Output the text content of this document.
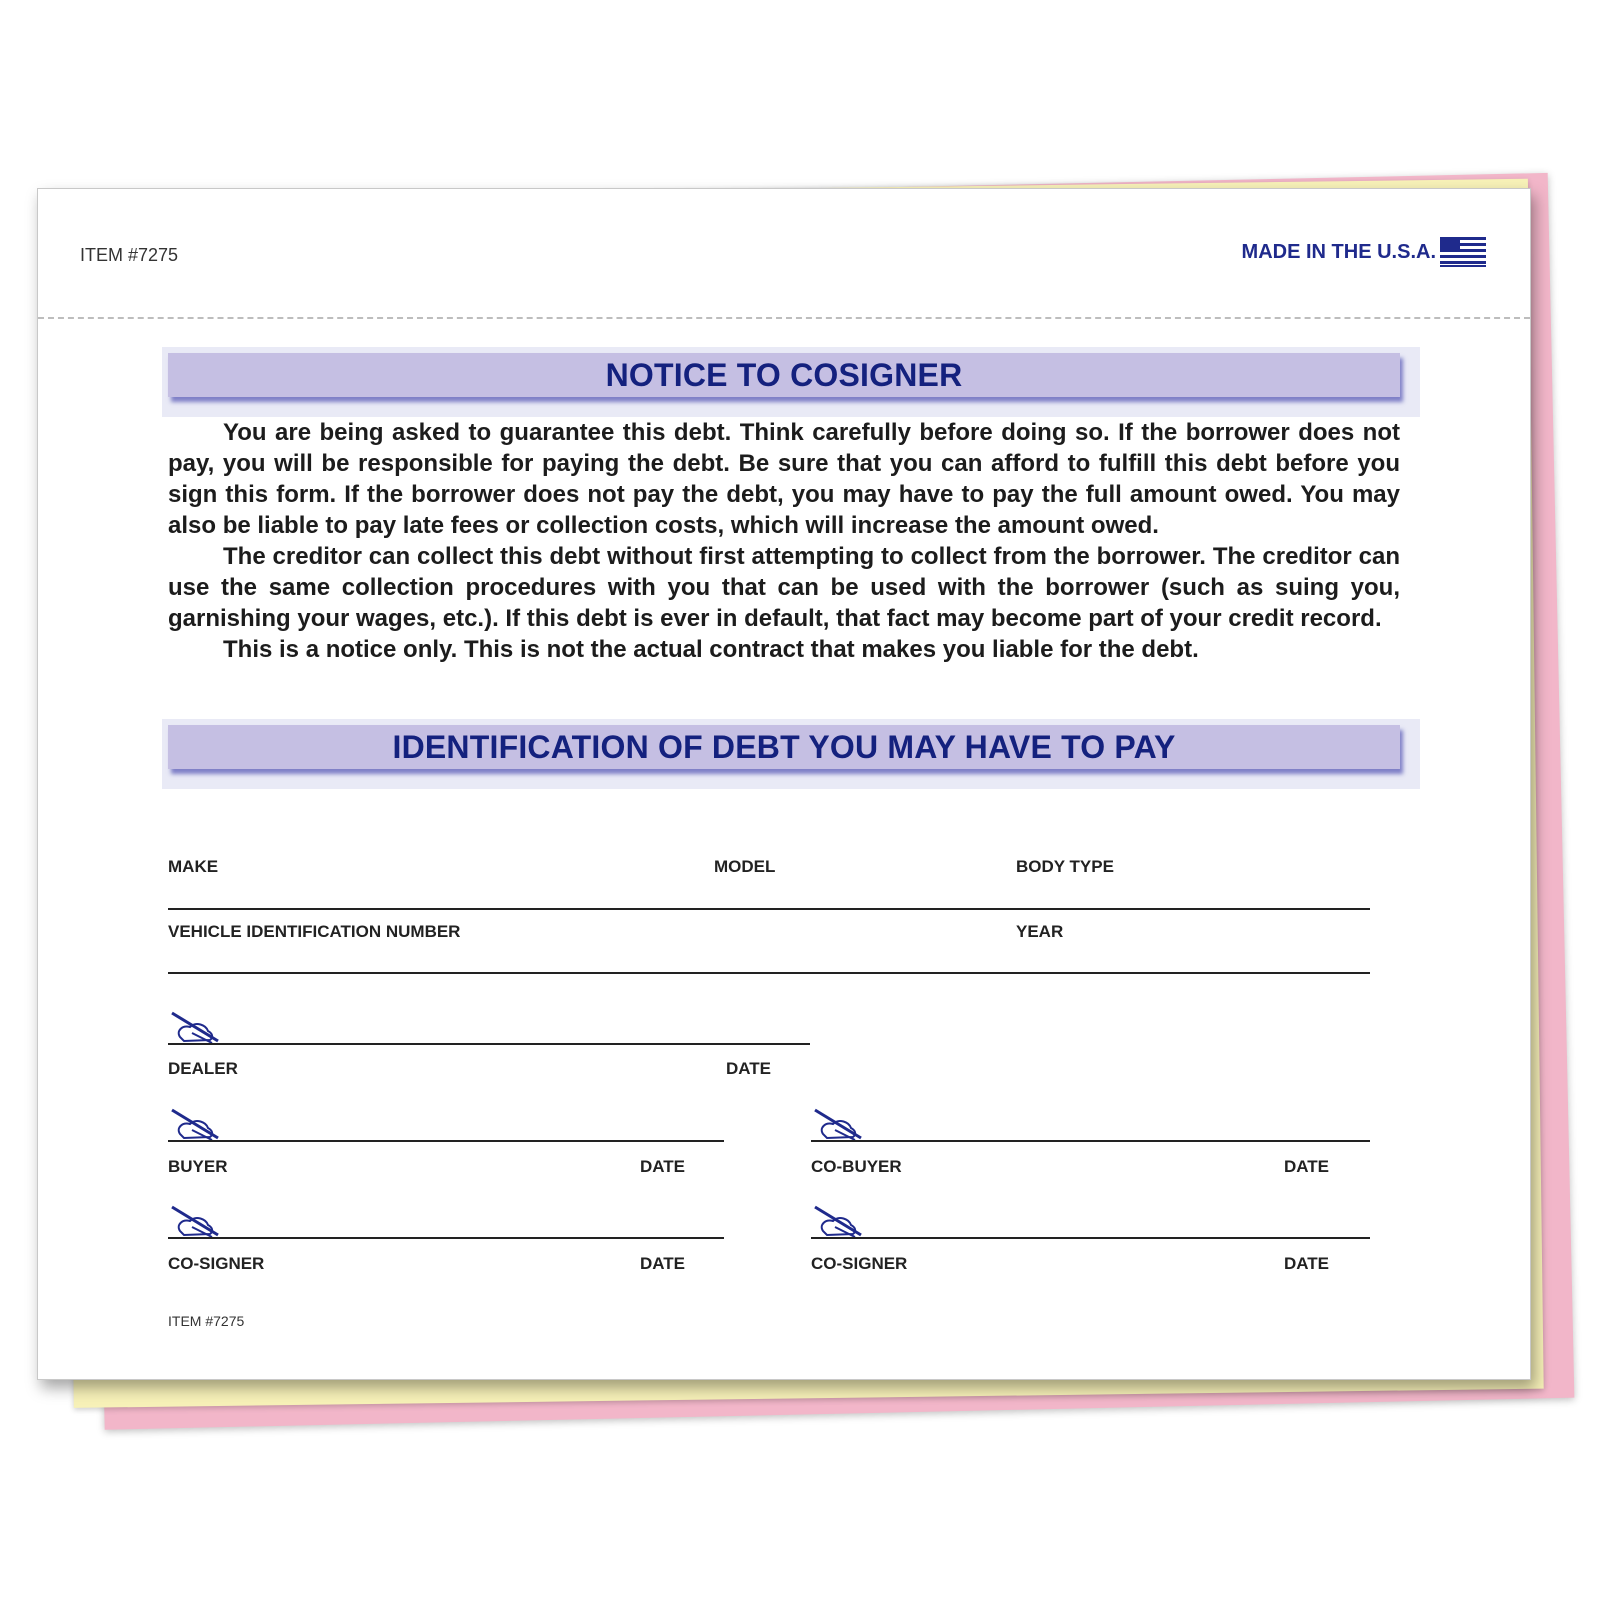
ITEM #7275	MADE IN THE U.S.A.
NOTICE TO COSIGNER

You are being asked to guarantee this debt. Think carefully before doing so. If the borrower does not pay, you will be responsible for paying the debt. Be sure that you can afford to fulfill this debt before you sign this form. If the borrower does not pay the debt, you may have to pay the full amount owed. You may also be liable to pay late fees or collection costs, which will increase the amount owed.

The creditor can collect this debt without first attempting to collect from the borrower. The creditor can use the same collection procedures with you that can be used with the borrower (such as suing you, garnishing your wages, etc.). If this debt is ever in default, that fact may become part of your credit record.

This is a notice only. This is not the actual contract that makes you liable for the debt.

IDENTIFICATION OF DEBT YOU MAY HAVE TO PAY
MAKE	MODEL	BODY TYPE
VEHICLE IDENTIFICATION NUMBER	YEAR
DEALER	DATE
BUYER	DATE	CO-BUYER	DATE
CO-SIGNER	DATE	CO-SIGNER	DATE
ITEM #7275
